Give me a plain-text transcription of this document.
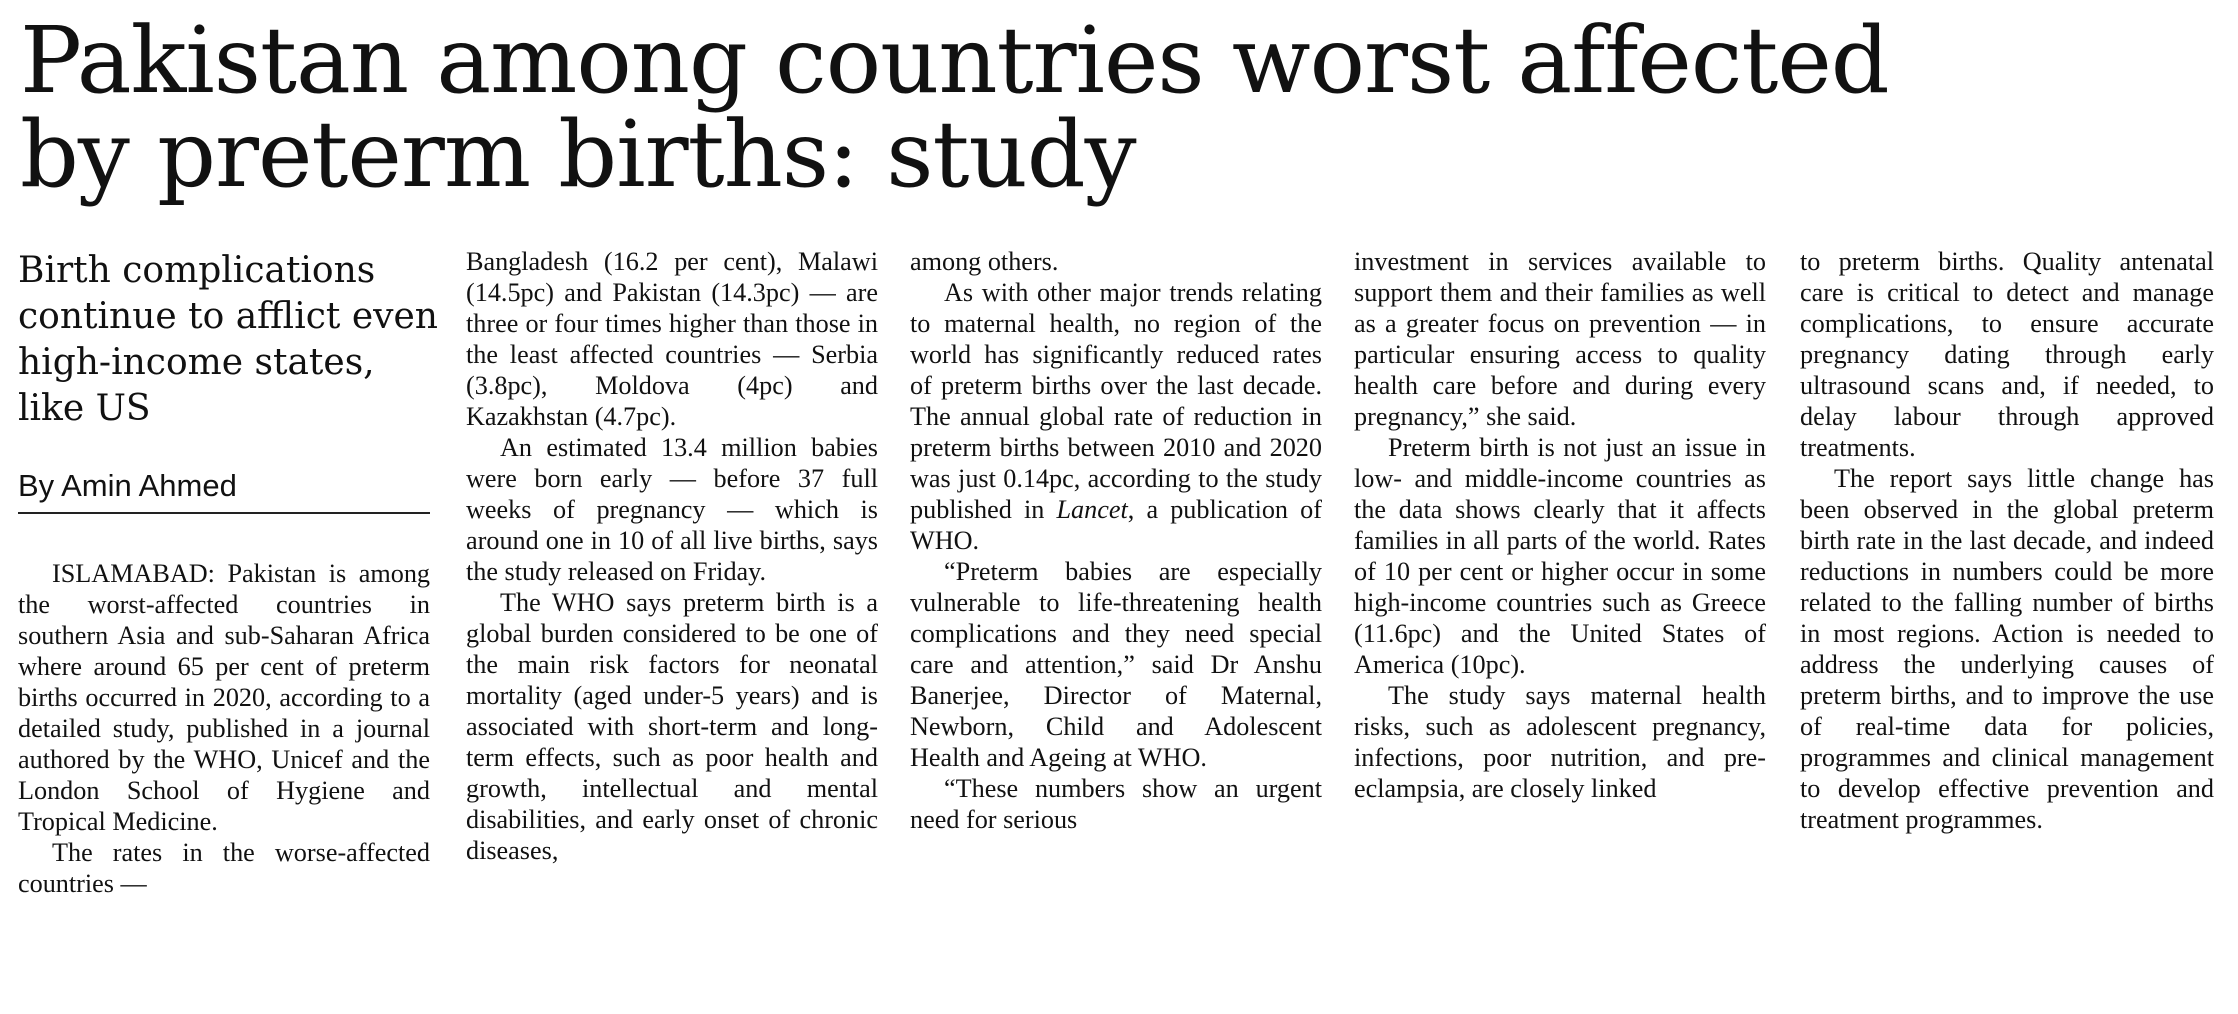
Pakistan among countries worst affected
by preterm births: study
Birth complications continue to afflict even high-income states, like US
By Amin Ahmed

ISLAMABAD: Pakistan is among the worst-affected countries in southern Asia and sub-Saharan Africa where around 65 per cent of preterm births occurred in 2020, according to a detailed study, published in a journal authored by the WHO, Unicef and the London School of Hygiene and Tropical Medicine.

The rates in the worse-affected countries —

Bangladesh (16.2 per cent), Malawi (14.5pc) and Pakistan (14.3pc) — are three or four times higher than those in the least affected countries — Serbia (3.8pc), Moldova (4pc) and Kazakhstan (4.7pc).

An estimated 13.4 million babies were born early — before 37 full weeks of pregnancy — which is around one in 10 of all live births, says the study released on Friday.

The WHO says preterm birth is a global burden considered to be one of the main risk factors for neonatal mortality (aged under-5 years) and is associated with short-term and long-term effects, such as poor health and growth, intellectual and mental disabilities, and early onset of chronic diseases,

among others.

As with other major trends relating to maternal health, no region of the world has significantly reduced rates of preterm births over the last decade. The annual global rate of reduction in preterm births between 2010 and 2020 was just 0.14pc, according to the study published in Lancet, a publication of WHO.

“Preterm babies are especially vulnerable to life-threatening health complications and they need special care and attention,” said Dr Anshu Banerjee, Director of Maternal, Newborn, Child and Adolescent Health and Ageing at WHO.

“These numbers show an urgent need for serious

investment in services available to support them and their families as well as a greater focus on prevention — in particular ensuring access to quality health care before and during every pregnancy,” she said.

Preterm birth is not just an issue in low- and middle-income countries as the data shows clearly that it affects families in all parts of the world. Rates of 10 per cent or higher occur in some high-income countries such as Greece (11.6pc) and the United States of America (10pc).

The study says maternal health risks, such as adolescent pregnancy, infections, poor nutrition, and pre-eclampsia, are closely linked

to preterm births. Quality antenatal care is critical to detect and manage complications, to ensure accurate pregnancy dating through early ultrasound scans and, if needed, to delay labour through approved treatments.

The report says little change has been observed in the global preterm birth rate in the last decade, and indeed reductions in numbers could be more related to the falling number of births in most regions. Action is needed to address the underlying causes of preterm births, and to improve the use of real-time data for policies, programmes and clinical management to develop effective prevention and treatment programmes.
